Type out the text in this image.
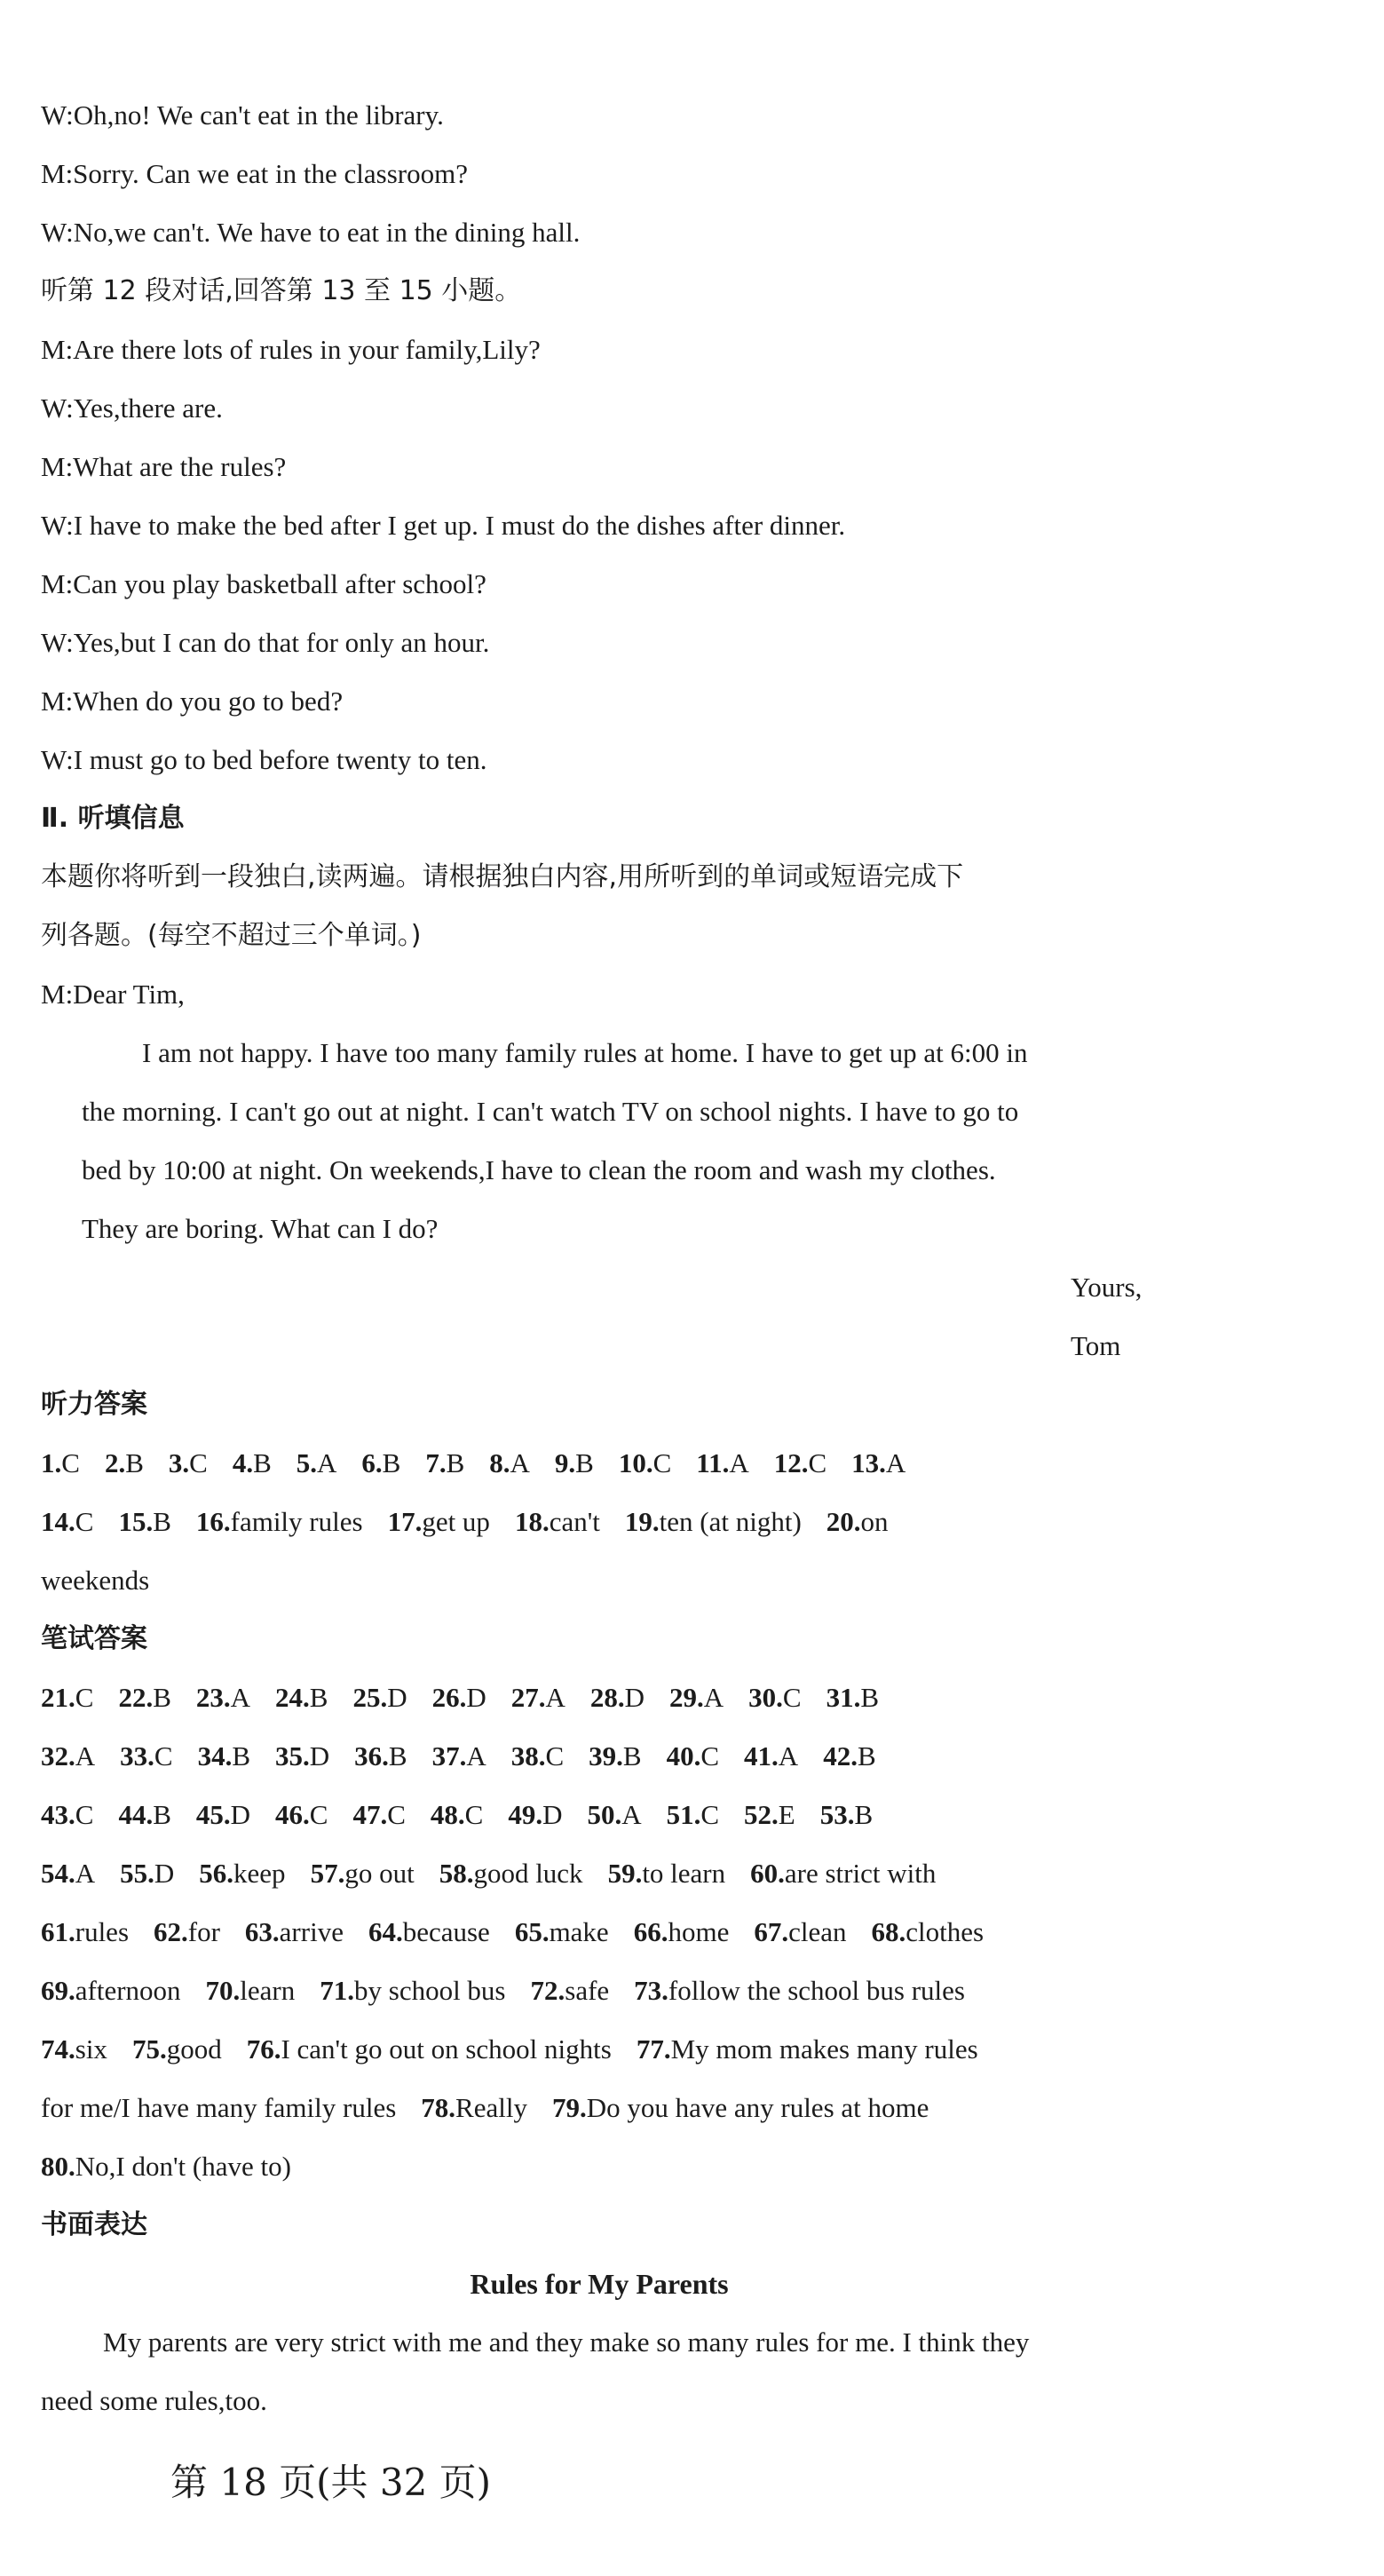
W:Oh,no! We can't eat in the library.
M:Sorry. Can we eat in the classroom?
W:No,we can't. We have to eat in the dining hall.
听第 12 段对话,回答第 13 至 15 小题。
M:Are there lots of rules in your family,Lily?
W:Yes,there are.
M:What are the rules?
W:I have to make the bed after I get up. I must do the dishes after dinner.
M:Can you play basketball after school?
W:Yes,but I can do that for only an hour.
M:When do you go to bed?
W:I must go to bed before twenty to ten.
Ⅱ. 听填信息
本题你将听到一段独白,读两遍。请根据独白内容,用所听到的单词或短语完成下
列各题。(每空不超过三个单词。)
M:Dear Tim,
I am not happy. I have too many family rules at home. I have to get up at 6:00 in
the morning. I can't go out at night. I can't watch TV on school nights. I have to go to
bed by 10:00 at night. On weekends,I have to clean the room and wash my clothes.
They are boring. What can I do?
Yours,
Tom
听力答案
1.C 2.B 3.C 4.B 5.A 6.B 7.B 8.A 9.B 10.C 11.A 12.C 13.A
14.C 15.B 16.family rules 17.get up 18.can't 19.ten (at night) 20.on
weekends
笔试答案
21.C 22.B 23.A 24.B 25.D 26.D 27.A 28.D 29.A 30.C 31.B
32.A 33.C 34.B 35.D 36.B 37.A 38.C 39.B 40.C 41.A 42.B
43.C 44.B 45.D 46.C 47.C 48.C 49.D 50.A 51.C 52.E 53.B
54.A 55.D 56.keep 57.go out 58.good luck 59.to learn 60.are strict with
61.rules 62.for 63.arrive 64.because 65.make 66.home 67.clean 68.clothes
69.afternoon 70.learn 71.by school bus 72.safe 73.follow the school bus rules
74.six 75.good 76.I can't go out on school nights 77.My mom makes many rules
for me/I have many family rules 78.Really 79.Do you have any rules at home
80.No,I don't (have to)
书面表达
Rules for My Parents
My parents are very strict with me and they make so many rules for me. I think they
need some rules,too.
第 18 页(共 32 页)
